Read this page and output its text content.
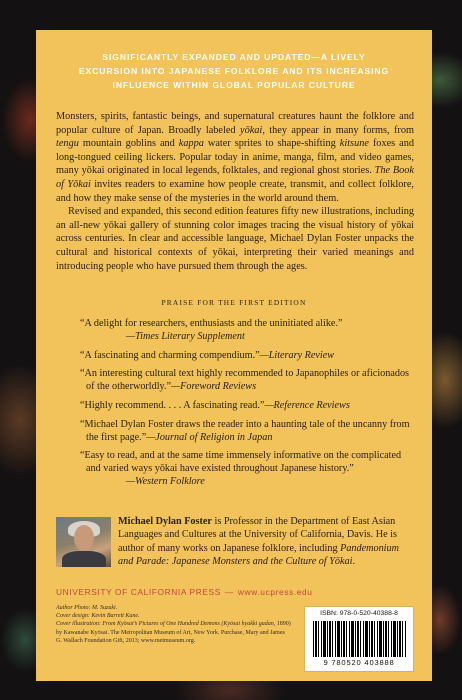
SIGNIFICANTLY EXPANDED AND UPDATED—A LIVELY
EXCURSION INTO JAPANESE FOLKLORE AND ITS INCREASING
INFLUENCE WITHIN GLOBAL POPULAR CULTURE

Monsters, spirits, fantastic beings, and supernatural creatures haunt the folklore and popular culture of Japan. Broadly labeled yōkai, they appear in many forms, from tengu mountain goblins and kappa water sprites to shape-shifting kitsune foxes and long-tongued ceiling lickers. Popular today in anime, manga, film, and video games, many yōkai originated in local legends, folktales, and regional ghost stories. The Book of Yōkai invites readers to examine how people create, transmit, and collect folklore, and how they make sense of the mysteries in the world around them.

Revised and expanded, this second edition features fifty new illustrations, including an all-new yōkai gallery of stunning color images tracing the visual history of yōkai across centuries. In clear and accessible language, Michael Dylan Foster unpacks the cultural and historical contexts of yōkai, interpreting their varied meanings and introducing people who have pursued them through the ages.

PRAISE FOR THE FIRST EDITION

“A delight for researchers, enthusiasts and the uninitiated alike.”
—Times Literary Supplement

“A fascinating and charming compendium.”—Literary Review

“An interesting cultural text highly recommended to Japanophiles or aficionados of the otherworldly.”—Foreword Reviews

“Highly recommend. . . . A fascinating read.”—Reference Reviews

“Michael Dylan Foster draws the reader into a haunting tale of the uncanny from the first page.”—Journal of Religion in Japan

“Easy to read, and at the same time immensely informative on the complicated and varied ways yōkai have existed throughout Japanese history.”
—Western Folklore

Michael Dylan Foster is Professor in the Department of East Asian Languages and Cultures at the University of California, Davis. He is author of many works on Japanese folklore, including Pandemonium and Parade: Japanese Monsters and the Culture of Yōkai.
UNIVERSITY OF CALIFORNIA PRESS — www.ucpress.edu
Author Photo: M. Suzuki.
Cover design: Kevin Barrett Kane.
Cover illustration: From Kyōsai’s Pictures of One Hundred Demons (Kyōsai hyakki gadan, 1890) by Kawanabe Kyōsai. The Metropolitan Museum of Art, New York. Purchase, Mary and James G. Wallach Foundation Gift, 2013; www.metmuseum.org.
ISBN: 978-0-520-40388-8
9 780520 403888
